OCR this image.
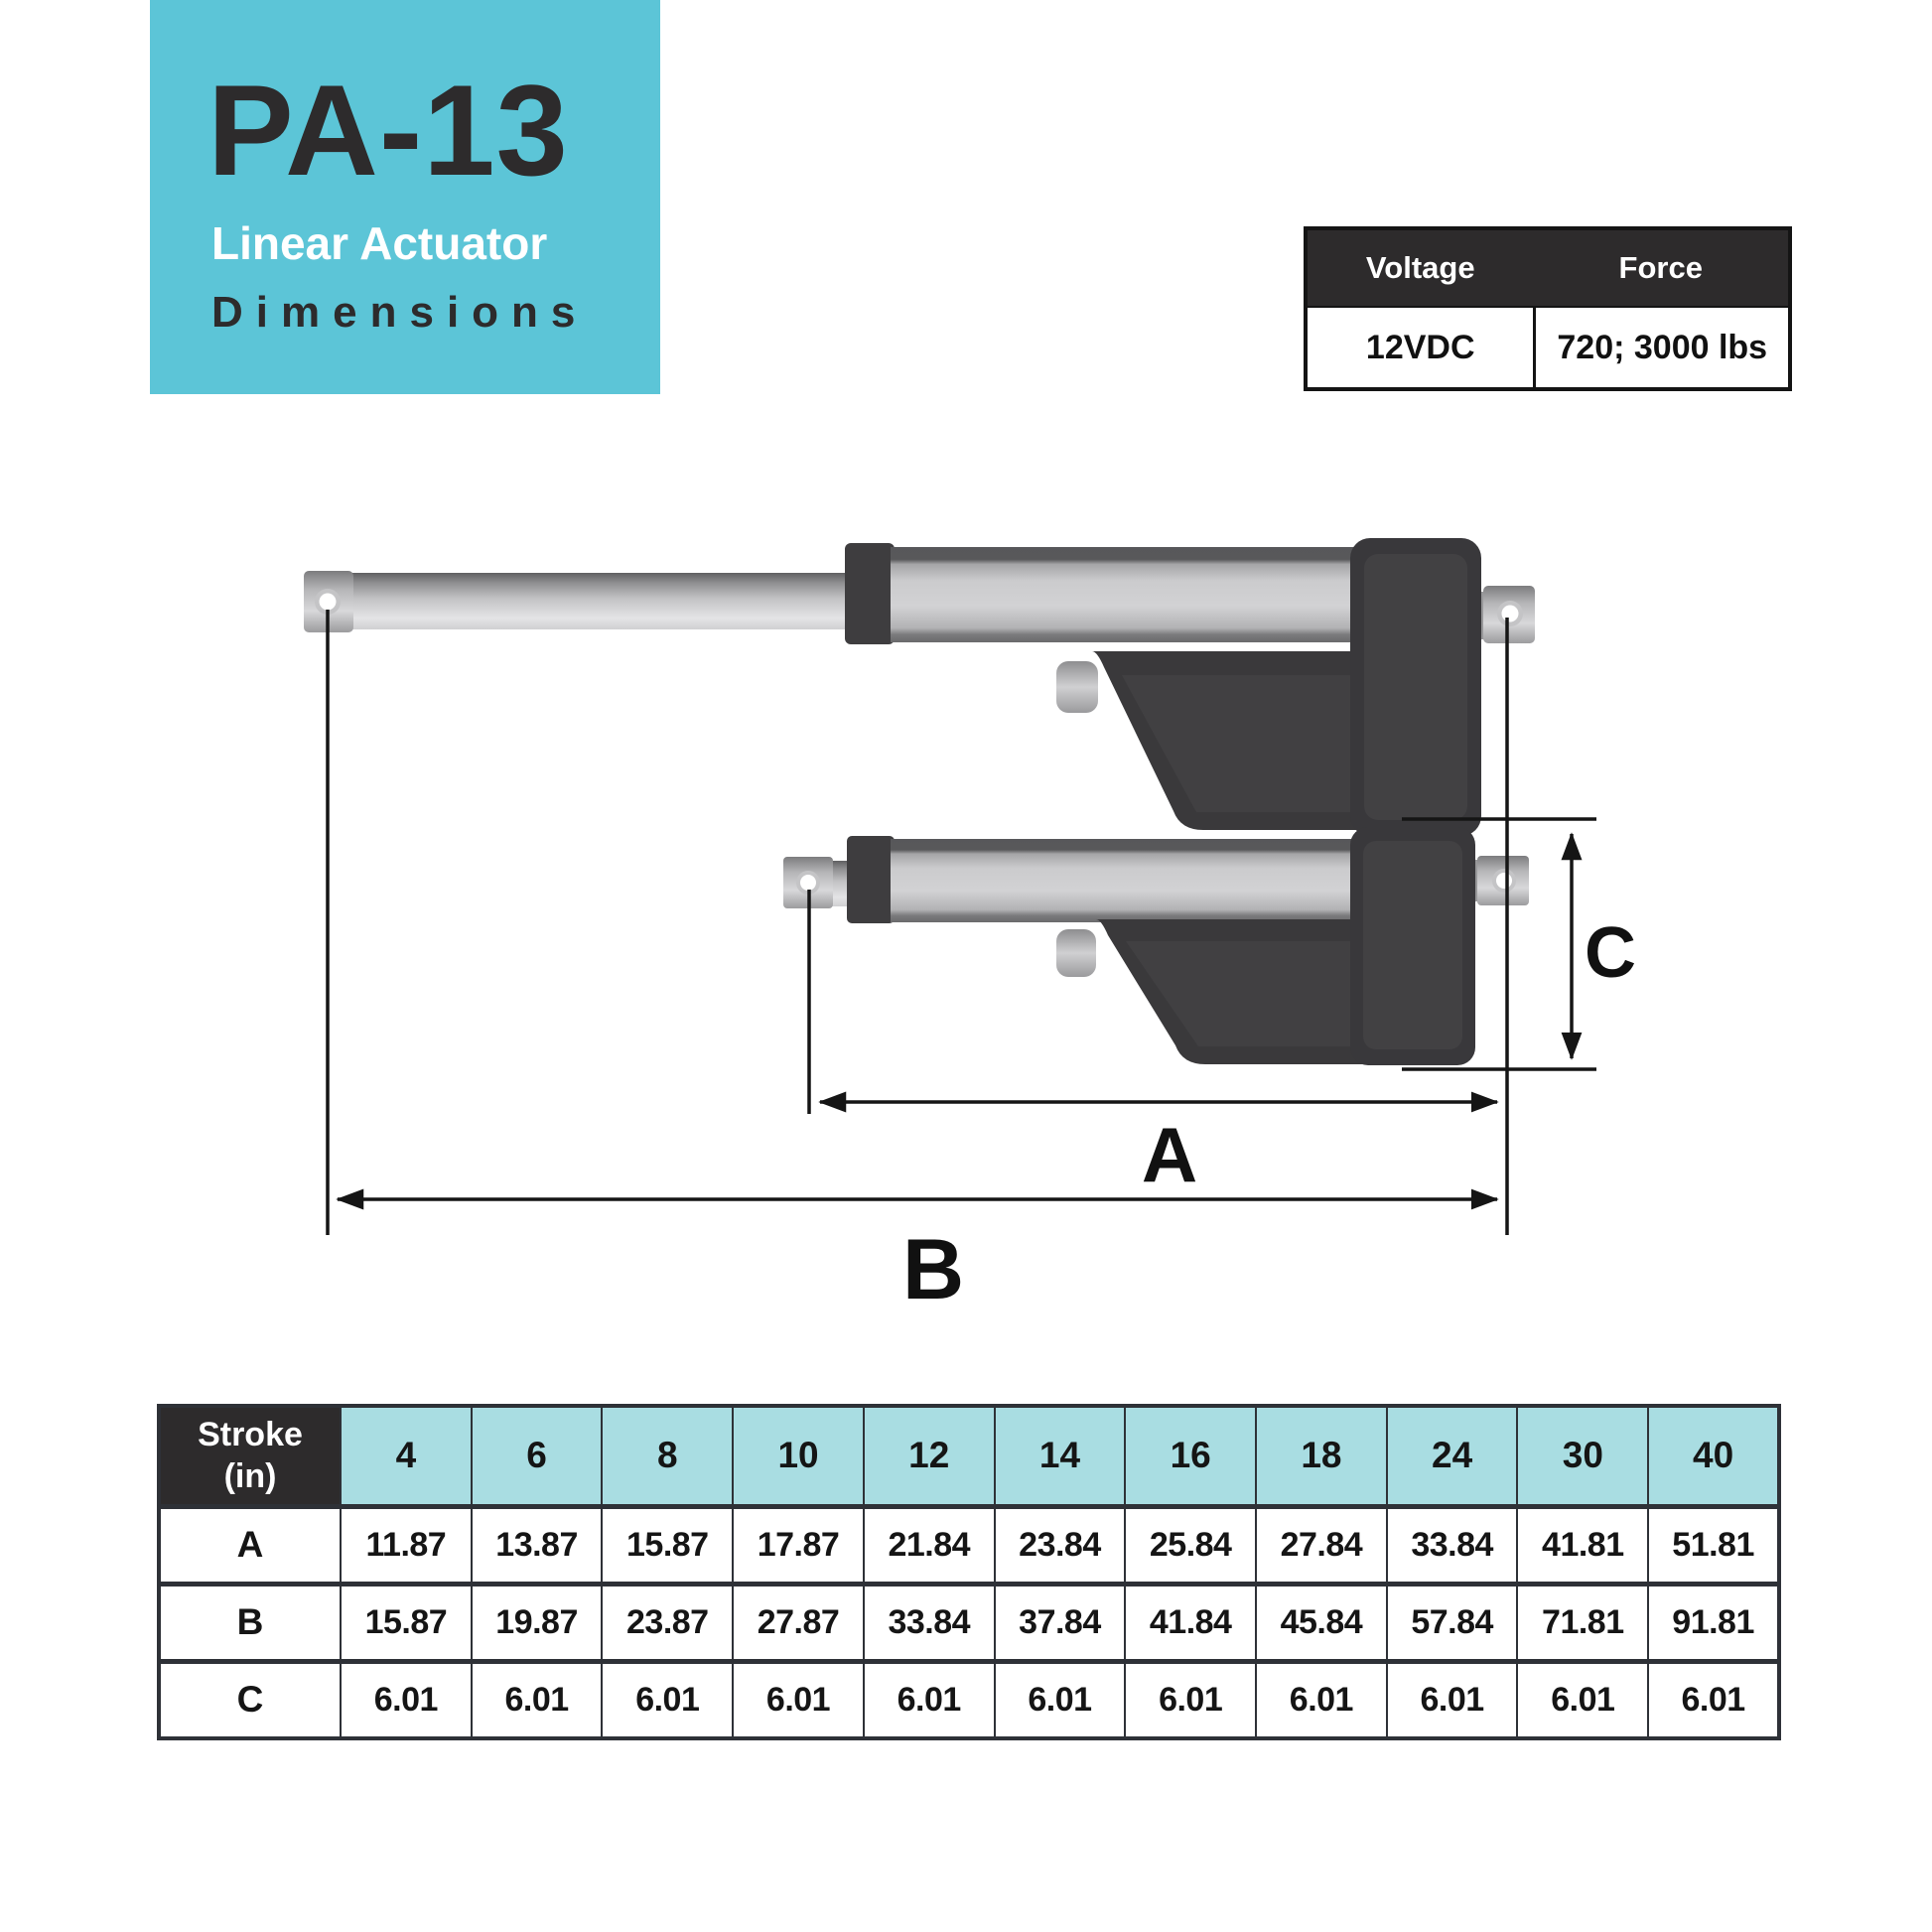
PA-13
Linear Actuator
Dimensions
Voltage	Force
12VDC	720; 3000 lbs
A
B
C
Stroke
(in)	4	6	8	10	12	14	16	18	24	30	40
A	11.87	13.87	15.87	17.87	21.84	23.84	25.84	27.84	33.84	41.81	51.81
B	15.87	19.87	23.87	27.87	33.84	37.84	41.84	45.84	57.84	71.81	91.81
C	6.01	6.01	6.01	6.01	6.01	6.01	6.01	6.01	6.01	6.01	6.01
